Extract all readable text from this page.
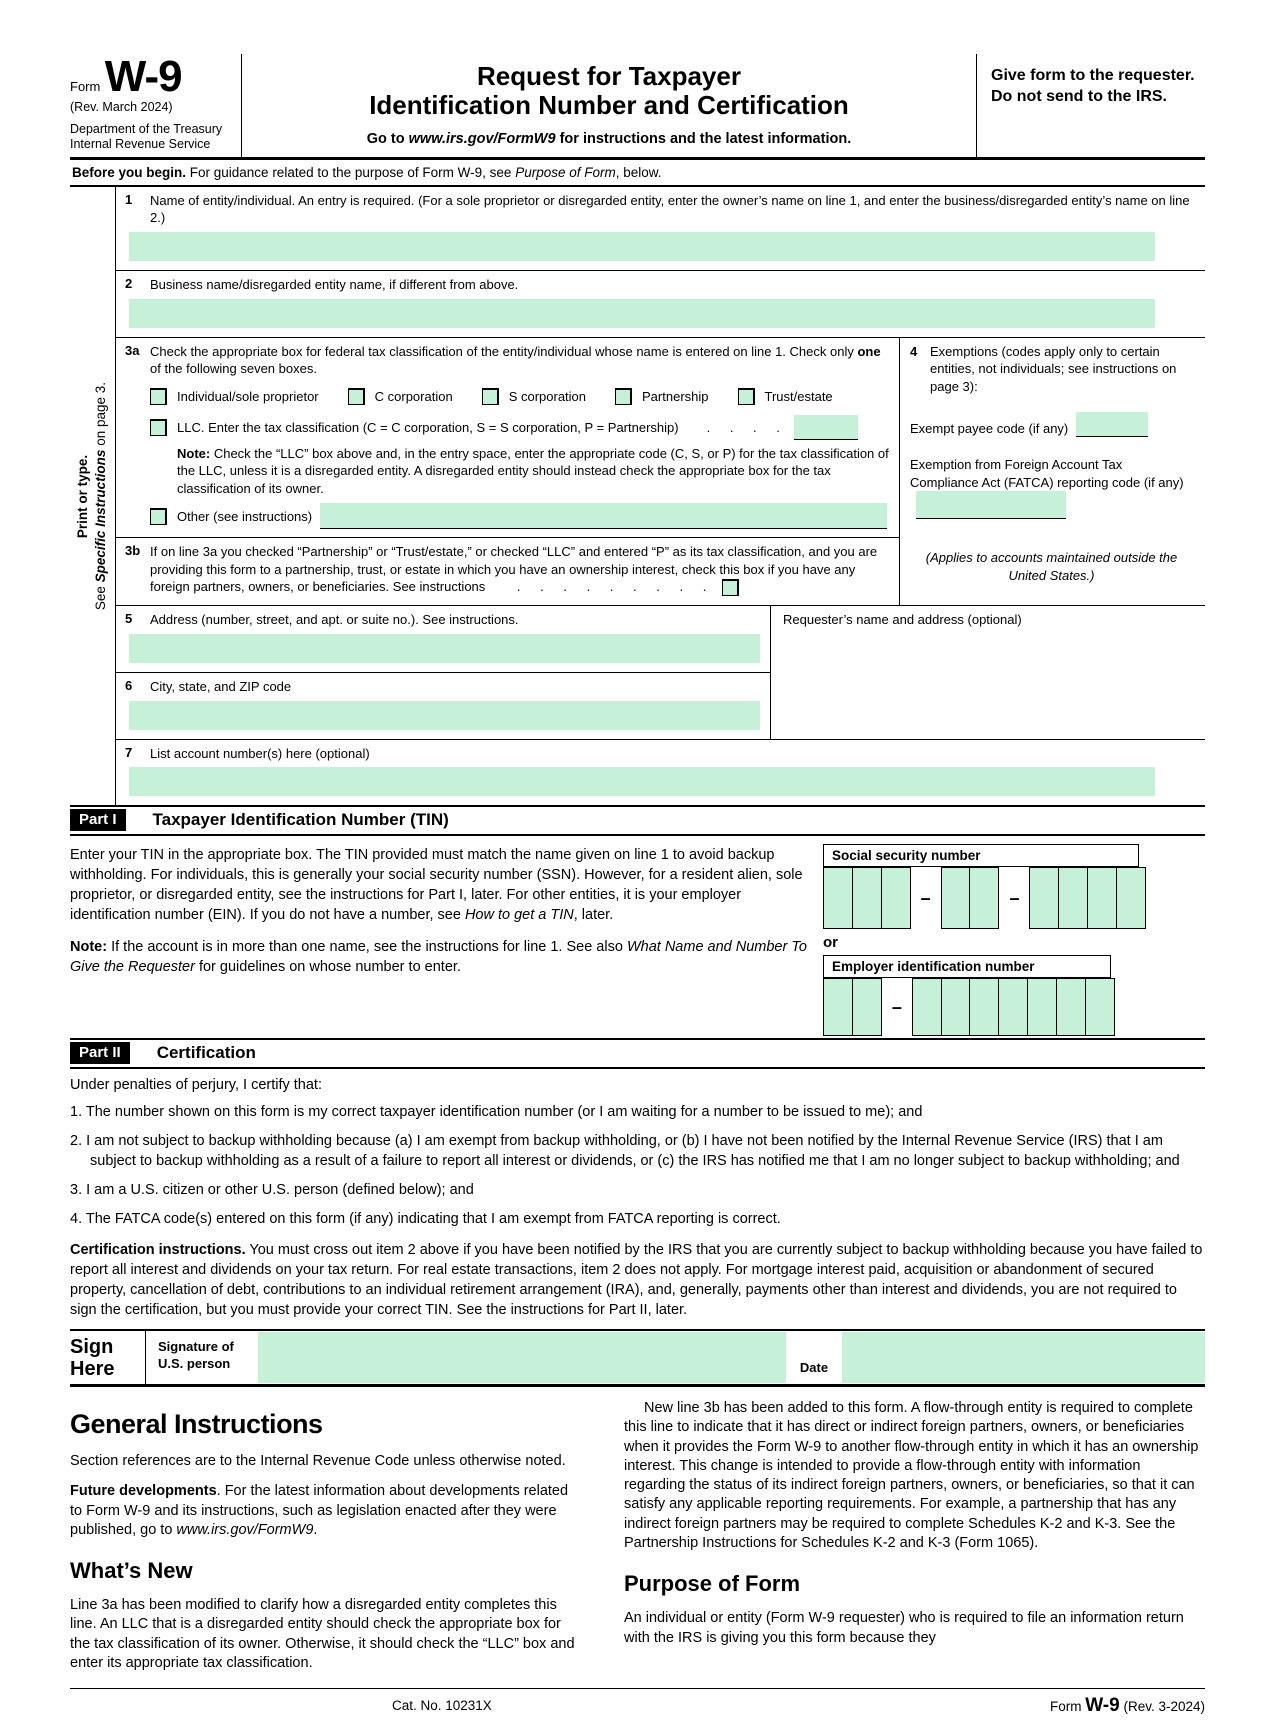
Form W-9
(Rev. March 2024)
Department of the Treasury
Internal Revenue Service
Request for Taxpayer
Identification Number and Certification
Go to www.irs.gov/FormW9 for instructions and the latest information.
Give form to the requester. Do not send to the IRS.
Before you begin. For guidance related to the purpose of Form W-9, see Purpose of Form, below.
Print or type.
See Specific Instructions on page 3.
1 Name of entity/individual. An entry is required. (For a sole proprietor or disregarded entity, enter the owner’s name on line 1, and enter the business/disregarded entity’s name on line 2.)

2 Business name/disregarded entity name, if different from above.

3a Check the appropriate box for federal tax classification of the entity/individual whose name is entered on line 1. Check only one of the following seven boxes.

Individual/sole proprietor	C corporation	S corporation	Partnership	Trust/estate
LLC. Enter the tax classification (C = C corporation, S = S corporation, P = Partnership) . . . .

Note: Check the “LLC” box above and, in the entry space, enter the appropriate code (C, S, or P) for the tax classification of the LLC, unless it is a disregarded entity. A disregarded entity should instead check the appropriate box for the tax classification of its owner.

Other (see instructions)
3b If on line 3a you checked “Partnership” or “Trust/estate,” or checked “LLC” and entered “P” as its tax classification, and you are providing this form to a partnership, trust, or estate in which you have an ownership interest, check this box if you have any foreign partners, owners, or beneficiaries. See instructions . . . . . . . . .

4 Exemptions (codes apply only to certain entities, not individuals; see instructions on page 3):
Exempt payee code (if any)
Exemption from Foreign Account Tax Compliance Act (FATCA) reporting code (if any)
(Applies to accounts maintained outside the United States.)
5 Address (number, street, and apt. or suite no.). See instructions.

6 City, state, and ZIP code

Requester’s name and address (optional)

7 List account number(s) here (optional)

Part I	Taxpayer Identification Number (TIN)

Enter your TIN in the appropriate box. The TIN provided must match the name given on line 1 to avoid backup withholding. For individuals, this is generally your social security number (SSN). However, for a resident alien, sole proprietor, or disregarded entity, see the instructions for Part I, later. For other entities, it is your employer identification number (EIN). If you do not have a number, see How to get a TIN, later.

Note: If the account is in more than one name, see the instructions for line 1. See also What Name and Number To Give the Requester for guidelines on whose number to enter.

Social security number
–	–
or
Employer identification number
–
Part II	Certification

Under penalties of perjury, I certify that:

1. The number shown on this form is my correct taxpayer identification number (or I am waiting for a number to be issued to me); and

2. I am not subject to backup withholding because (a) I am exempt from backup withholding, or (b) I have not been notified by the Internal Revenue Service (IRS) that I am subject to backup withholding as a result of a failure to report all interest or dividends, or (c) the IRS has notified me that I am no longer subject to backup withholding; and

3. I am a U.S. citizen or other U.S. person (defined below); and

4. The FATCA code(s) entered on this form (if any) indicating that I am exempt from FATCA reporting is correct.

Certification instructions. You must cross out item 2 above if you have been notified by the IRS that you are currently subject to backup withholding because you have failed to report all interest and dividends on your tax return. For real estate transactions, item 2 does not apply. For mortgage interest paid, acquisition or abandonment of secured property, cancellation of debt, contributions to an individual retirement arrangement (IRA), and, generally, payments other than interest and dividends, you are not required to sign the certification, but you must provide your correct TIN. See the instructions for Part II, later.

Sign
Here
Signature of
U.S. person	Date
General Instructions

Section references are to the Internal Revenue Code unless otherwise noted.

Future developments. For the latest information about developments related to Form W-9 and its instructions, such as legislation enacted after they were published, go to www.irs.gov/FormW9.

What’s New

Line 3a has been modified to clarify how a disregarded entity completes this line. An LLC that is a disregarded entity should check the appropriate box for the tax classification of its owner. Otherwise, it should check the “LLC” box and enter its appropriate tax classification.

New line 3b has been added to this form. A flow-through entity is required to complete this line to indicate that it has direct or indirect foreign partners, owners, or beneficiaries when it provides the Form W-9 to another flow-through entity in which it has an ownership interest. This change is intended to provide a flow-through entity with information regarding the status of its indirect foreign partners, owners, or beneficiaries, so that it can satisfy any applicable reporting requirements. For example, a partnership that has any indirect foreign partners may be required to complete Schedules K-2 and K-3. See the Partnership Instructions for Schedules K-2 and K-3 (Form 1065).

Purpose of Form

An individual or entity (Form W-9 requester) who is required to file an information return with the IRS is giving you this form because they

Cat. No. 10231X	Form W-9 (Rev. 3-2024)
